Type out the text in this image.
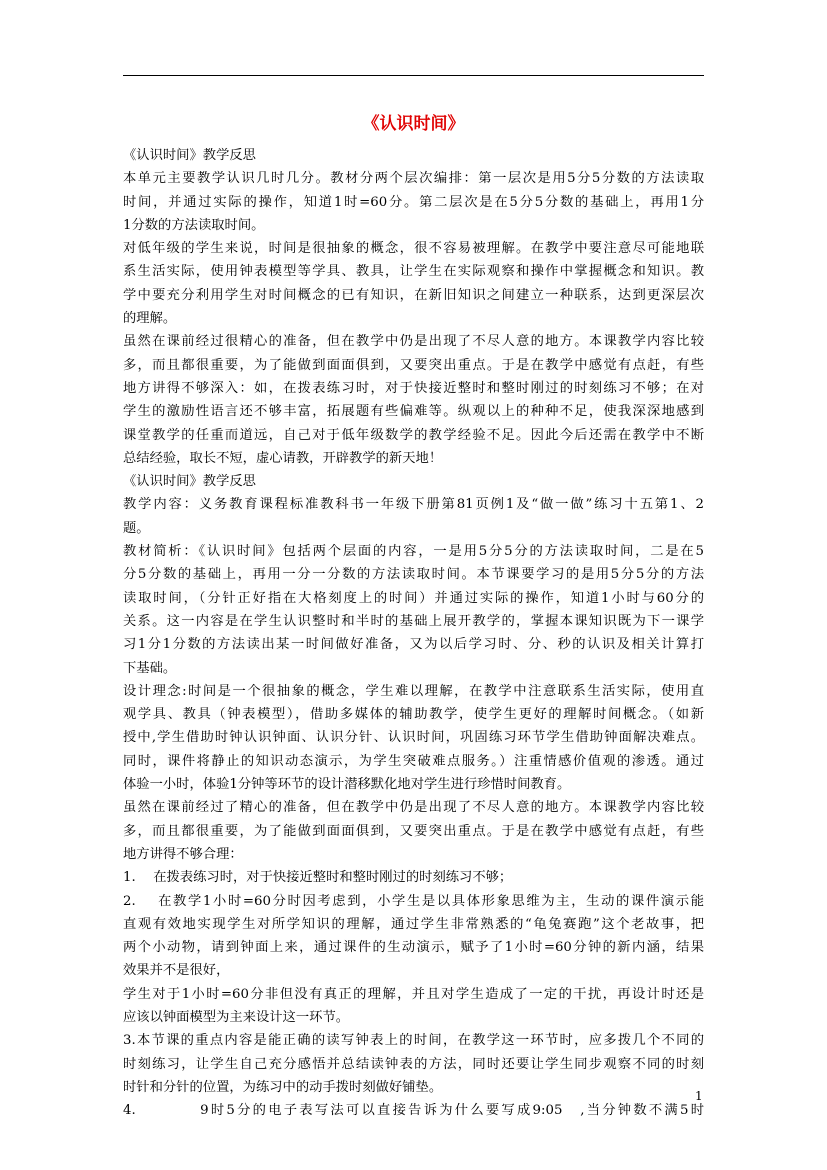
《认识时间》

《认识时间》教学反思

本单元主要教学认识几时几分。教材分两个层次编排：第一层次是用5分5分数的方法读取

时间，并通过实际的操作，知道1时=60分。第二层次是在5分5分数的基础上，再用1分

1分数的方法读取时间。

对低年级的学生来说，时间是很抽象的概念，很不容易被理解。在教学中要注意尽可能地联

系生活实际，使用钟表模型等学具、教具，让学生在实际观察和操作中掌握概念和知识。教

学中要充分利用学生对时间概念的已有知识，在新旧知识之间建立一种联系，达到更深层次

的理解。

虽然在课前经过很精心的准备，但在教学中仍是出现了不尽人意的地方。本课教学内容比较

多，而且都很重要，为了能做到面面俱到，又要突出重点。于是在教学中感觉有点赶，有些

地方讲得不够深入：如，在拨表练习时，对于快接近整时和整时刚过的时刻练习不够；在对

学生的激励性语言还不够丰富，拓展题有些偏难等。纵观以上的种种不足，使我深深地感到

课堂教学的任重而道远，自己对于低年级数学的教学经验不足。因此今后还需在教学中不断

总结经验，取长不短，虚心请教，开辟教学的新天地！

《认识时间》教学反思

教学内容：义务教育课程标准教科书一年级下册第81页例1及“做一做”练习十五第1、2

题。

教材简析：《认识时间》包括两个层面的内容，一是用5分5分的方法读取时间，二是在5

分5分数的基础上，再用一分一分数的方法读取时间。本节课要学习的是用5分5分的方法

读取时间，（分针正好指在大格刻度上的时间）并通过实际的操作，知道1小时与60分的

关系。这一内容是在学生认识整时和半时的基础上展开教学的，掌握本课知识既为下一课学

习1分1分数的方法读出某一时间做好准备，又为以后学习时、分、秒的认识及相关计算打

下基础。

设计理念:时间是一个很抽象的概念，学生难以理解，在教学中注意联系生活实际，使用直

观学具、教具（钟表模型），借助多媒体的辅助教学，使学生更好的理解时间概念。（如新

授中,学生借助时钟认识钟面、认识分针、认识时间，巩固练习环节学生借助钟面解决难点。

同时，课件将静止的知识动态演示，为学生突破难点服务。）注重情感价值观的渗透。通过

体验一小时，体验1分钟等环节的设计潜移默化地对学生进行珍惜时间教育。

虽然在课前经过了精心的准备，但在教学中仍是出现了不尽人意的地方。本课教学内容比较

多，而且都很重要，为了能做到面面俱到，又要突出重点。于是在教学中感觉有点赶，有些

地方讲得不够合理：

1.　 在拨表练习时，对于快接近整时和整时刚过的时刻练习不够；

2.　 在教学1小时=60分时因考虑到，小学生是以具体形象思维为主，生动的课件演示能

直观有效地实现学生对所学知识的理解，通过学生非常熟悉的“龟兔赛跑”这个老故事，把

两个小动物，请到钟面上来，通过课件的生动演示，赋予了1小时=60分钟的新内涵，结果

效果并不是很好，

学生对于1小时=60分非但没有真正的理解，并且对学生造成了一定的干扰，再设计时还是

应该以钟面模型为主来设计这一环节。

3.本节课的重点内容是能正确的读写钟表上的时间，在教学这一环节时，应多拨几个不同的

时刻练习，让学生自己充分感悟并总结读钟表的方法，同时还要让学生同步观察不同的时刻

时针和分针的位置，为练习中的动手拨时刻做好铺垫。

4.　　　　9时5分的电子表写法可以直接告诉为什么要写成9:05　,当分钟数不满5时

1
